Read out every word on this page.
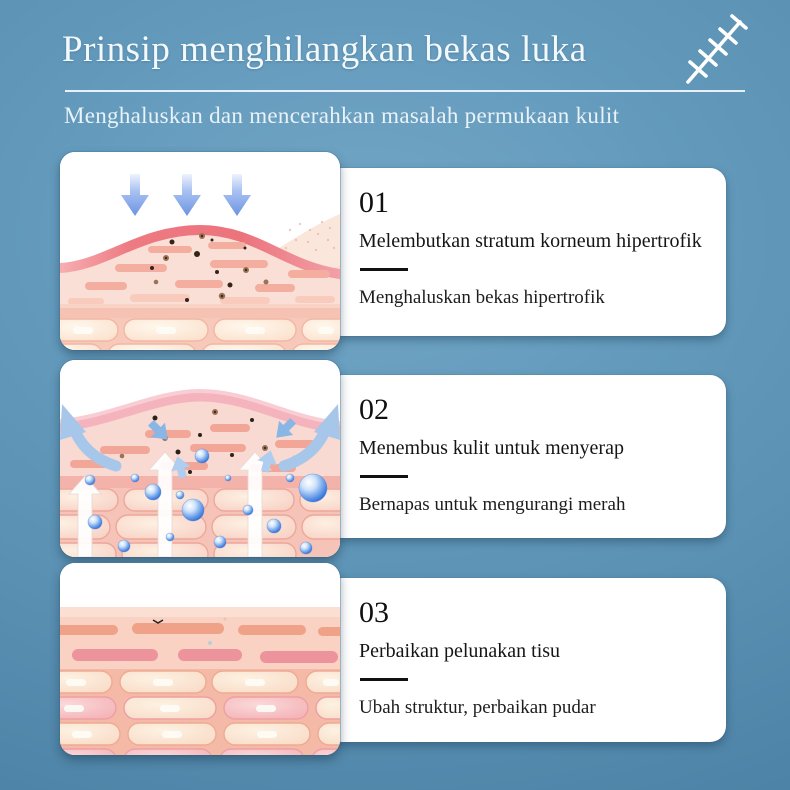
Prinsip menghilangkan bekas luka
Menghaluskan dan mencerahkan masalah permukaan kulit
01
Melembutkan stratum korneum hipertrofik
Menghaluskan bekas hipertrofik
02
Menembus kulit untuk menyerap
Bernapas untuk mengurangi merah
03
Perbaikan pelunakan tisu
Ubah struktur, perbaikan pudar
